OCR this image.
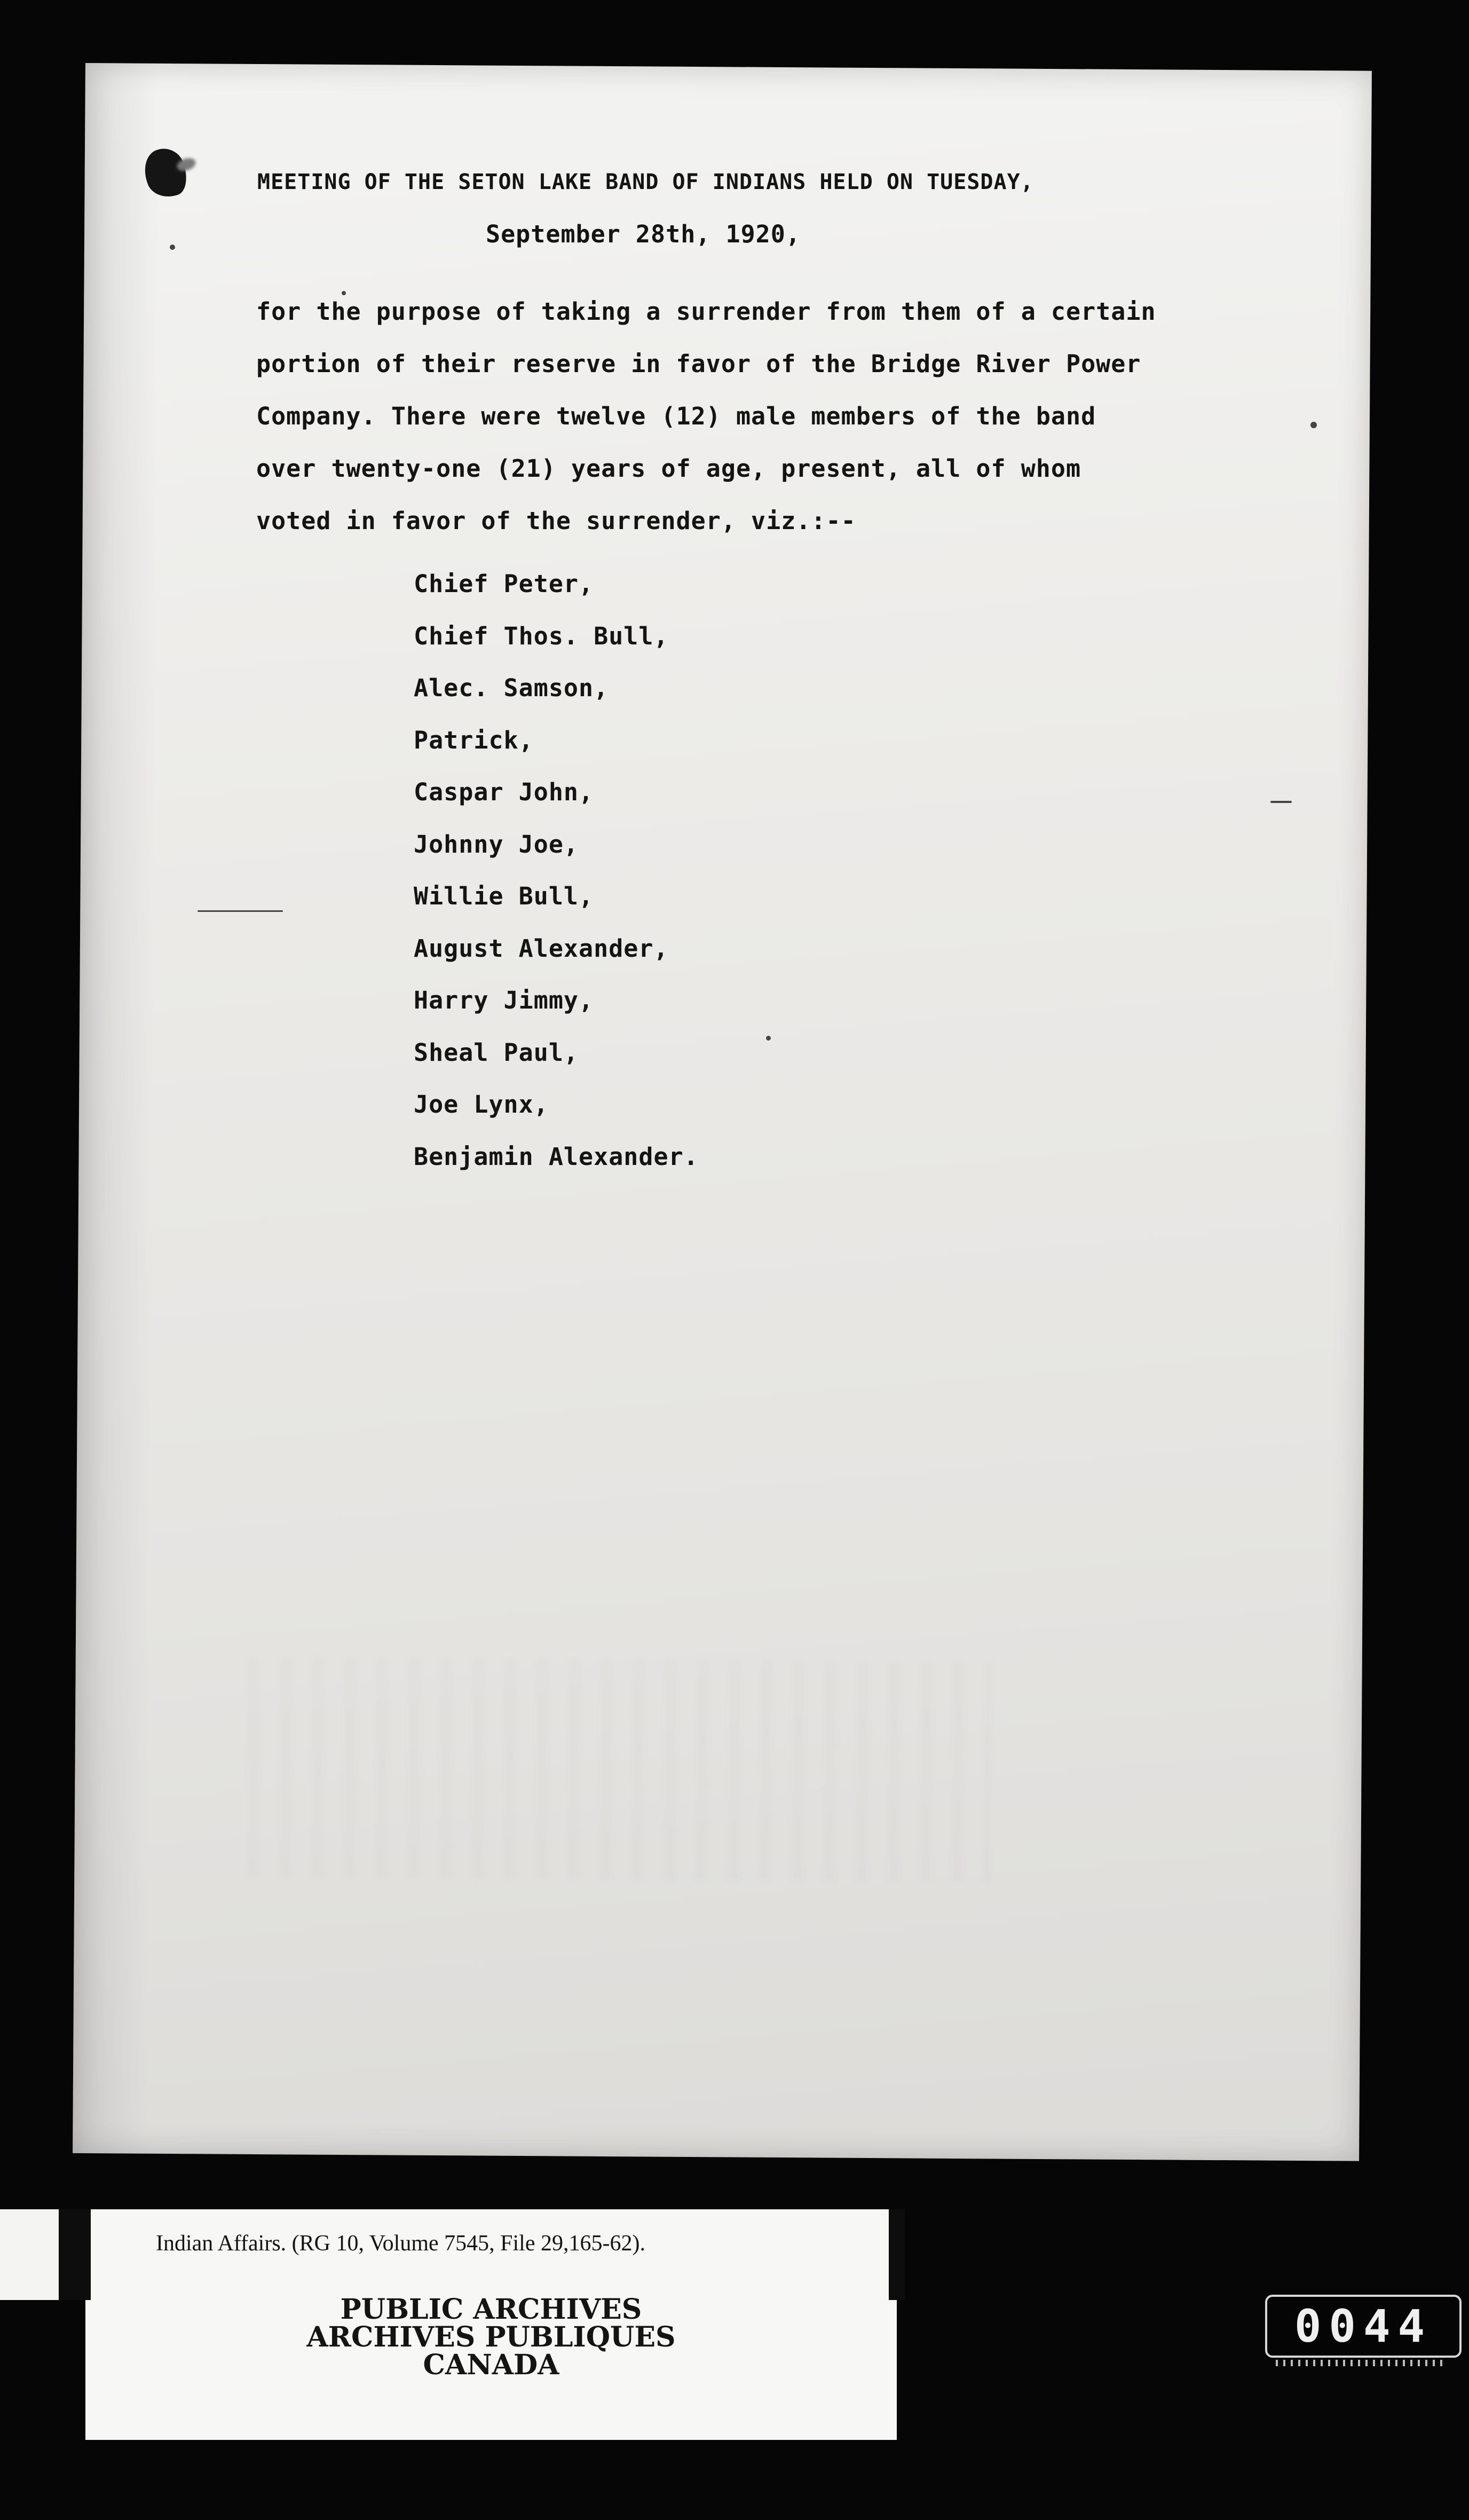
MEETING OF THE SETON LAKE BAND OF INDIANS HELD ON TUESDAY,
September 28th, 1920,
for the purpose of taking a surrender from them of a certain
portion of their reserve in favor of the Bridge River Power
Company. There were twelve (12) male members of the band
over twenty-one (21) years of age, present, all of whom
voted in favor of the surrender, viz.:--
Chief Peter,
Chief Thos. Bull,
Alec. Samson,
Patrick,
Caspar John,
Johnny Joe,
Willie Bull,
August Alexander,
Harry Jimmy,
Sheal Paul,
Joe Lynx,
Benjamin Alexander.
Indian Affairs. (RG 10, Volume 7545, File 29,165-62).
PUBLIC ARCHIVES
ARCHIVES PUBLIQUES
CANADA
0044
